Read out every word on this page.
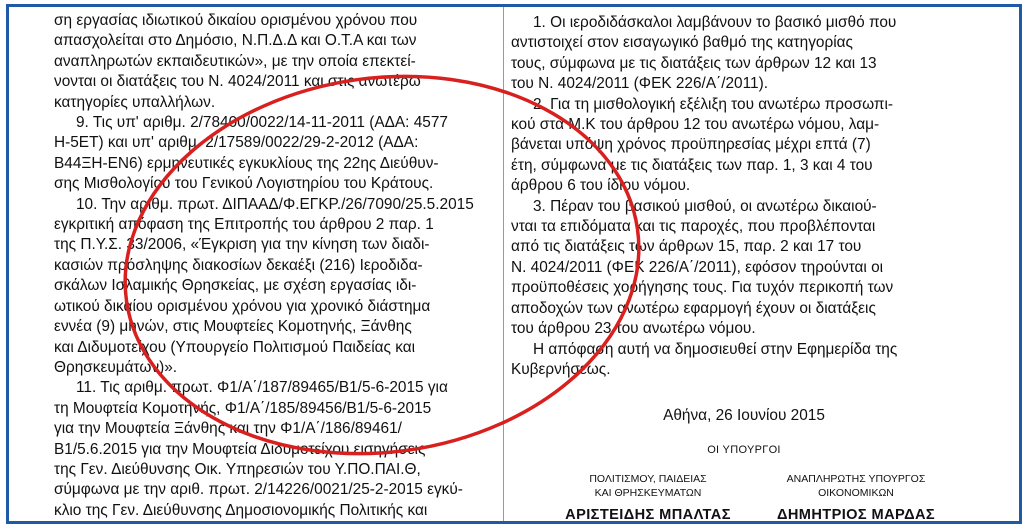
ση εργασίας ιδιωτικού δικαίου ορισμένου χρόνου που

απασχολείται στο Δημόσιο, Ν.Π.Δ.Δ και Ο.Τ.Α και των

αναπληρωτών εκπαιδευτικών», με την οποία επεκτεί-

νονται οι διατάξεις του Ν. 4024/2011 και στις ανωτέρω

κατηγορίες υπαλλήλων.

9. Τις υπ' αριθμ. 2/78400/0022/14-11-2011 (ΑΔΑ: 4577

Η-5ΕΤ) και υπ' αριθμ. 2/17589/0022/29-2-2012 (ΑΔΑ:

Β44ΞΗ-ΕΝ6) ερμηνευτικές εγκυκλίους της 22ης Διεύθυν-

σης Μισθολογίου του Γενικού Λογιστηρίου του Κράτους.

10. Την αριθμ. πρωτ. ΔΙΠΑΑΔ/Φ.ΕΓΚΡ./26/7090/25.5.2015

εγκριτική απόφαση της Επιτροπής του άρθρου 2 παρ. 1

της Π.Υ.Σ. 33/2006, «Έγκριση για την κίνηση των διαδι-

κασιών πρόσληψης διακοσίων δεκαέξι (216) Ιεροδιδα-

σκάλων Ισλαμικής Θρησκείας, με σχέση εργασίας ιδι-

ωτικού δικαίου ορισμένου χρόνου για χρονικό διάστημα

εννέα (9) μηνών, στις Μουφτείες Κομοτηνής, Ξάνθης

και Διδυμοτείχου (Υπουργείο Πολιτισμού Παιδείας και

Θρησκευμάτων)».

11. Τις αριθμ. πρωτ. Φ1/Α΄/187/89465/Β1/5-6-2015 για

τη Μουφτεία Κομοτηνής, Φ1/Α΄/185/89456/Β1/5-6-2015

για την Μουφτεία Ξάνθης και την Φ1/Α΄/186/89461/

Β1/5.6.2015 για την Μουφτεία Διδυμοτείχου εισηγήσεις

της Γεν. Διεύθυνσης Οικ. Υπηρεσιών του Υ.ΠΟ.ΠΑΙ.Θ,

σύμφωνα με την αριθ. πρωτ. 2/14226/0021/25-2-2015 εγκύ-

κλιο της Γεν. Διεύθυνσης Δημοσιονομικής Πολιτικής και

1. Οι ιεροδιδάσκαλοι λαμβάνουν το βασικό μισθό που

αντιστοιχεί στον εισαγωγικό βαθμό της κατηγορίας

τους, σύμφωνα με τις διατάξεις των άρθρων 12 και 13

του Ν. 4024/2011 (ΦΕΚ 226/Α΄/2011).

2. Για τη μισθολογική εξέλιξη του ανωτέρω προσωπι-

κού στα Μ.Κ του άρθρου 12 του ανωτέρω νόμου, λαμ-

βάνεται υπόψη χρόνος προϋπηρεσίας μέχρι επτά (7)

έτη, σύμφωνα με τις διατάξεις των παρ. 1, 3 και 4 του

άρθρου 6 του ίδιου νόμου.

3. Πέραν του βασικού μισθού, οι ανωτέρω δικαιού-

νται τα επιδόματα και τις παροχές, που προβλέπονται

από τις διατάξεις των άρθρων 15, παρ. 2 και 17 του

Ν. 4024/2011 (ΦΕΚ 226/Α΄/2011), εφόσον τηρούνται οι

προϋποθέσεις χορήγησης τους. Για τυχόν περικοπή των

αποδοχών των ανωτέρω εφαρμογή έχουν οι διατάξεις

του άρθρου 23 του ανωτέρω νόμου.

Η απόφαση αυτή να δημοσιευθεί στην Εφημερίδα της

Κυβερνήσεως.

Αθήνα, 26 Ιουνίου 2015
ΟΙ ΥΠΟΥΡΓΟΙ
ΠΟΛΙΤΙΣΜΟΥ, ΠΑΙΔΕΙΑΣ
ΚΑΙ ΘΡΗΣΚΕΥΜΑΤΩΝ
ΑΡΙΣΤΕΙΔΗΣ ΜΠΑΛΤΑΣ
ΑΝΑΠΛΗΡΩΤΗΣ ΥΠΟΥΡΓΟΣ
ΟΙΚΟΝΟΜΙΚΩΝ
ΔΗΜΗΤΡΙΟΣ ΜΑΡΔΑΣ
